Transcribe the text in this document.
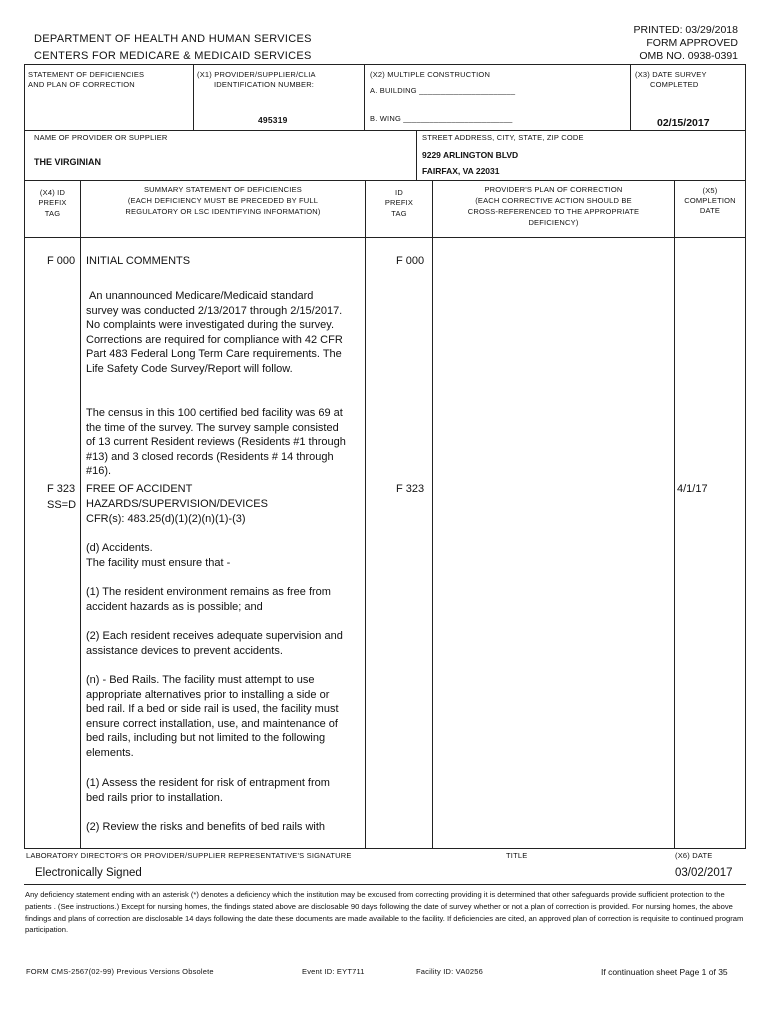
DEPARTMENT OF HEALTH AND HUMAN SERVICES
CENTERS FOR MEDICARE & MEDICAID SERVICES
PRINTED: 03/29/2018
FORM APPROVED
OMB NO. 0938-0391
STATEMENT OF DEFICIENCIES
AND PLAN OF CORRECTION
(X1) PROVIDER/SUPPLIER/CLIA
IDENTIFICATION NUMBER:
495319
(X2) MULTIPLE CONSTRUCTION
A. BUILDING ______________________
B. WING _________________________
(X3) DATE SURVEY
COMPLETED
02/15/2017
NAME OF PROVIDER OR SUPPLIER
THE VIRGINIAN
STREET ADDRESS, CITY, STATE, ZIP CODE
9229 ARLINGTON BLVD
FAIRFAX, VA 22031
(X4) ID
PREFIX
TAG
SUMMARY STATEMENT OF DEFICIENCIES
(EACH DEFICIENCY MUST BE PRECEDED BY FULL
REGULATORY OR LSC IDENTIFYING INFORMATION)
ID
PREFIX
TAG
PROVIDER'S PLAN OF CORRECTION
(EACH CORRECTIVE ACTION SHOULD BE
CROSS-REFERENCED TO THE APPROPRIATE
DEFICIENCY)
(X5)
COMPLETION
DATE
F 000 INITIAL COMMENTS	F 000
An unannounced Medicare/Medicaid standard survey was conducted 2/13/2017 through 2/15/2017. No complaints were investigated during the survey. Corrections are required for compliance with 42 CFR Part 483 Federal Long Term Care requirements. The Life Safety Code Survey/Report will follow.
The census in this 100 certified bed facility was 69 at the time of the survey. The survey sample consisted of 13 current Resident reviews (Residents #1 through #13) and 3 closed records (Residents # 14 through #16).
F 323
SS=D
FREE OF ACCIDENT
HAZARDS/SUPERVISION/DEVICES
CFR(s): 483.25(d)(1)(2)(n)(1)-(3)
F 323	4/1/17
(d) Accidents.
The facility must ensure that -
(1) The resident environment remains as free from accident hazards as is possible; and
(2) Each resident receives adequate supervision and assistance devices to prevent accidents.
(n) - Bed Rails. The facility must attempt to use appropriate alternatives prior to installing a side or bed rail. If a bed or side rail is used, the facility must ensure correct installation, use, and maintenance of bed rails, including but not limited to the following elements.
(1) Assess the resident for risk of entrapment from bed rails prior to installation.
(2) Review the risks and benefits of bed rails with
LABORATORY DIRECTOR'S OR PROVIDER/SUPPLIER REPRESENTATIVE'S SIGNATURE	TITLE	(X6) DATE
Electronically Signed	03/02/2017
Any deficiency statement ending with an asterisk (*) denotes a deficiency which the institution may be excused from correcting providing it is determined that other safeguards provide sufficient protection to the patients . (See instructions.) Except for nursing homes, the findings stated above are disclosable 90 days following the date of survey whether or not a plan of correction is provided. For nursing homes, the above findings and plans of correction are disclosable 14 days following the date these documents are made available to the facility. If deficiencies are cited, an approved plan of correction is requisite to continued program participation.
FORM CMS-2567(02-99) Previous Versions Obsolete	Event ID: EYT711	Facility ID: VA0256	If continuation sheet Page 1 of 35
